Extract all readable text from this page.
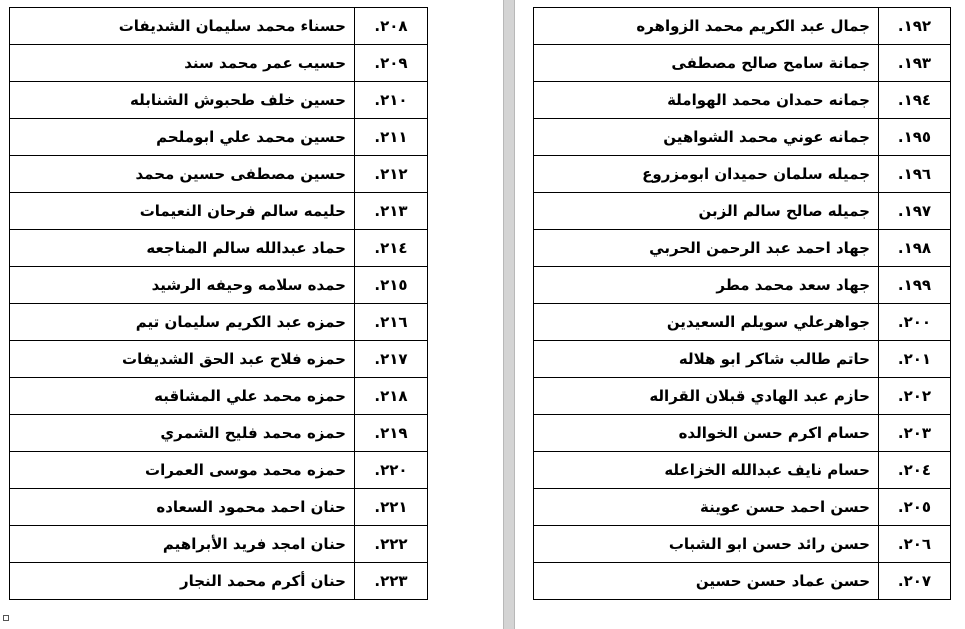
٢٠٨.	حسناء محمد سليمان الشديفات
٢٠٩.	حسيب عمر محمد سند
٢١٠.	حسين خلف طحبوش الشنابله
٢١١.	حسين محمد علي ابوملحم
٢١٢.	حسين مصطفى حسين محمد
٢١٣.	حليمه سالم فرحان النعيمات
٢١٤.	حماد عبدالله سالم المناجعه
٢١٥.	حمده سلامه وحيفه الرشيد
٢١٦.	حمزه عبد الكريم سليمان تيم
٢١٧.	حمزه فلاح عبد الحق الشديفات
٢١٨.	حمزه محمد علي المشاقبه
٢١٩.	حمزه محمد فليح الشمري
٢٢٠.	حمزه محمد موسى العمرات
٢٢١.	حنان احمد محمود السعاده
٢٢٢.	حنان امجد فريد الأبراهيم
٢٢٣.	حنان أكرم محمد النجار
١٩٢.	جمال عبد الكريم محمد الزواهره
١٩٣.	جمانة سامح صالح مصطفى
١٩٤.	جمانه حمدان محمد الهواملة
١٩٥.	جمانه عوني محمد الشواهين
١٩٦.	جميله سلمان حميدان ابومزروع
١٩٧.	جميله صالح سالم الزبن
١٩٨.	جهاد احمد عبد الرحمن الحربي
١٩٩.	جهاد سعد محمد مطر
٢٠٠.	جواهرعلي سويلم السعيدين
٢٠١.	حاتم طالب شاكر ابو هلاله
٢٠٢.	حازم عبد الهادي قبلان القراله
٢٠٣.	حسام اكرم حسن الخوالده
٢٠٤.	حسام نايف عبدالله الخزاعله
٢٠٥.	حسن احمد حسن عوينة
٢٠٦.	حسن رائد حسن ابو الشباب
٢٠٧.	حسن عماد حسن حسين
